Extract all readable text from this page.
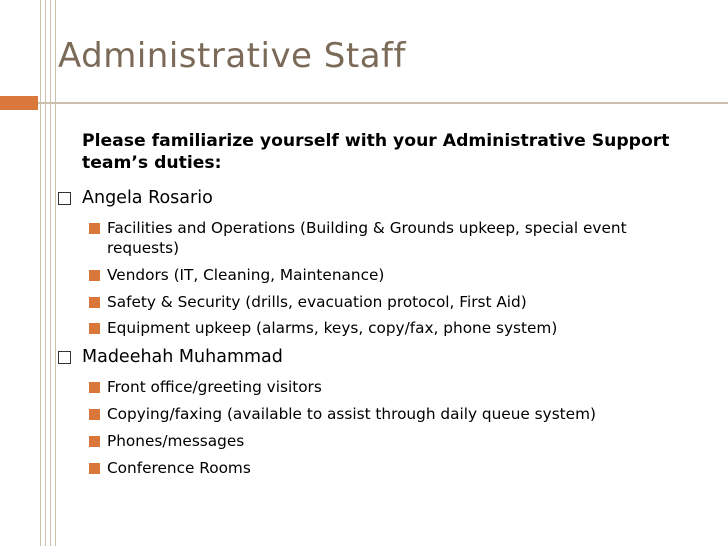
Administrative Staff
Please familiarize yourself with your Administrative Support team’s duties:
Angela Rosario
Facilities and Operations (Building & Grounds upkeep, special event requests)
Vendors (IT, Cleaning, Maintenance)
Safety & Security (drills, evacuation protocol, First Aid)
Equipment upkeep (alarms, keys, copy/fax, phone system)
Madeehah Muhammad
Front office/greeting visitors
Copying/faxing (available to assist through daily queue system)
Phones/messages
Conference Rooms
